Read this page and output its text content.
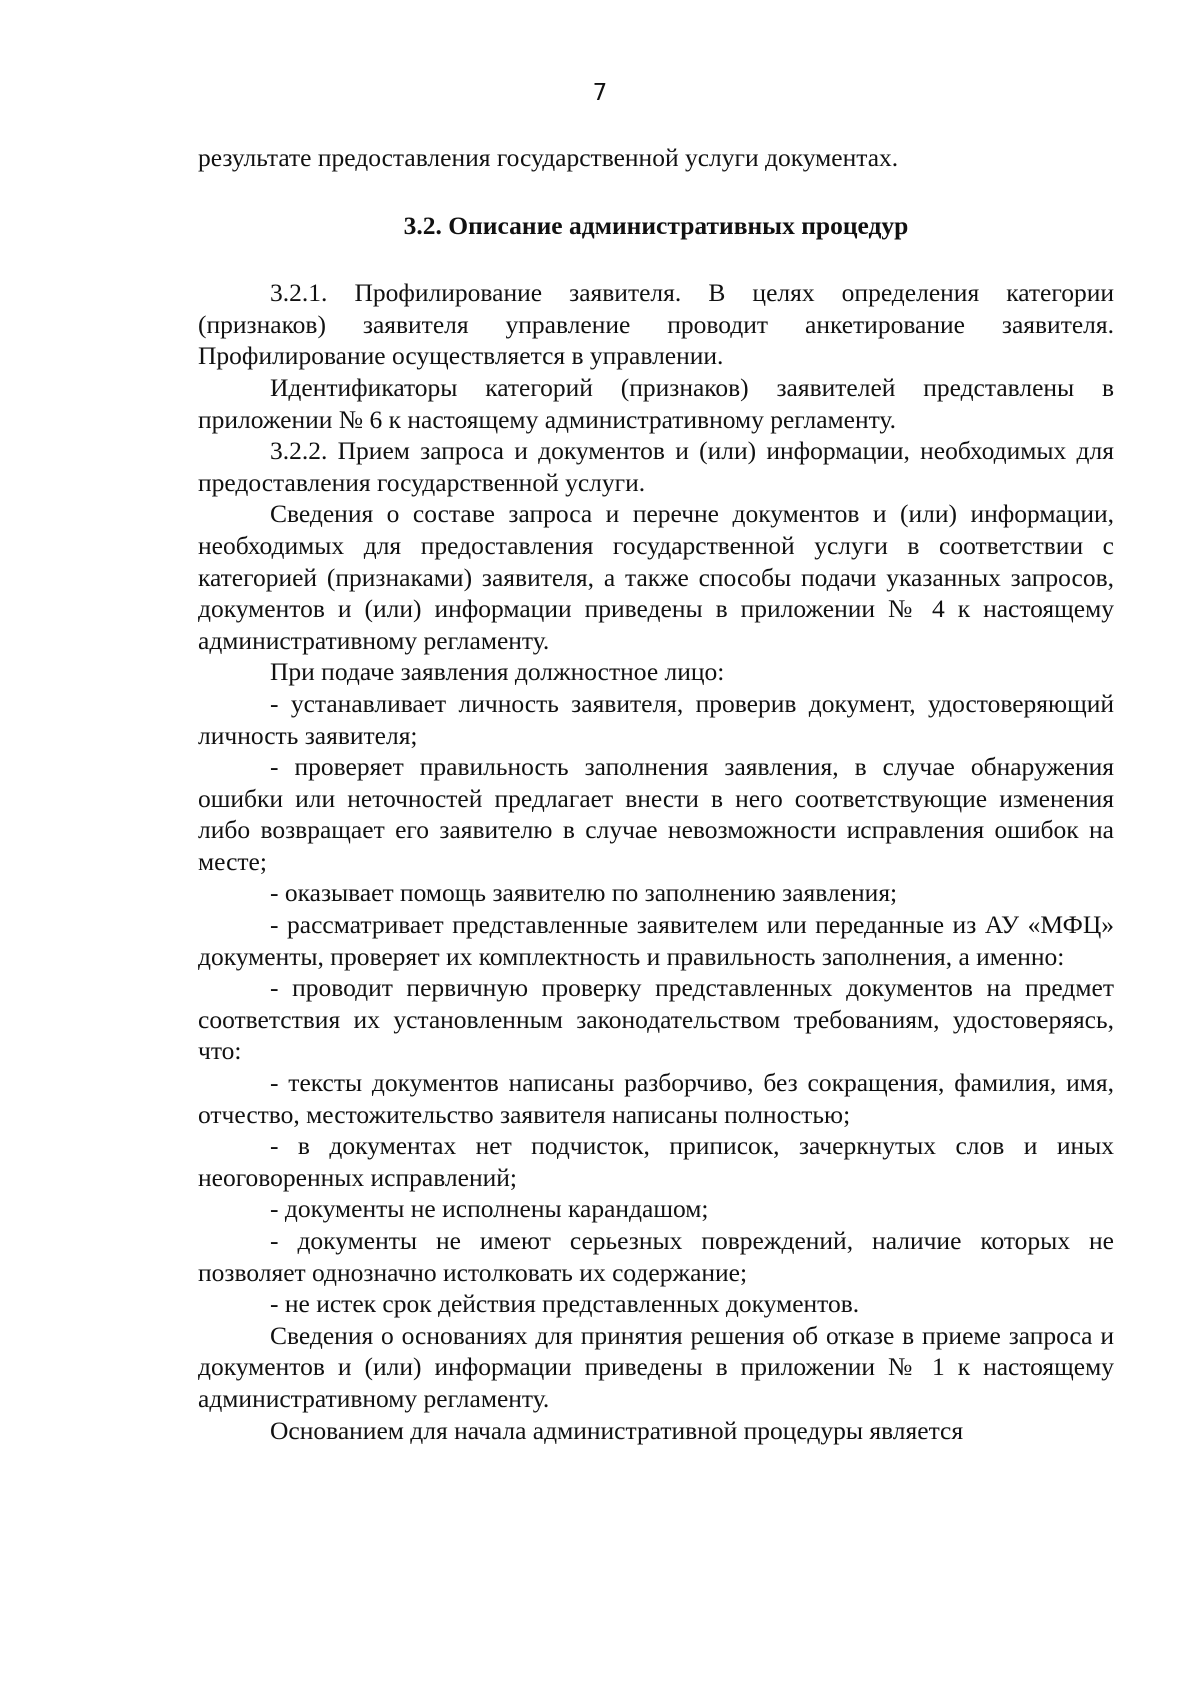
7

результате предоставления государственной услуги документах.

3.2. Описание административных процедур

3.2.1. Профилирование заявителя. В целях определения категории (признаков) заявителя управление проводит анкетирование заявителя. Профилирование осуществляется в управлении.

Идентификаторы категорий (признаков) заявителей представлены в приложении № 6 к настоящему административному регламенту.

3.2.2. Прием запроса и документов и (или) информации, необходимых для предоставления государственной услуги.

Сведения о составе запроса и перечне документов и (или) информации, необходимых для предоставления государственной услуги в соответствии с категорией (признаками) заявителя, а также способы подачи указанных запросов, документов и (или) информации приведены в приложении № 4 к настоящему административному регламенту.

При подаче заявления должностное лицо:

- устанавливает личность заявителя, проверив документ, удостоверяющий личность заявителя;

- проверяет правильность заполнения заявления, в случае обнаружения ошибки или неточностей предлагает внести в него соответствующие изменения либо возвращает его заявителю в случае невозможности исправления ошибок на месте;

- оказывает помощь заявителю по заполнению заявления;

- рассматривает представленные заявителем или переданные из АУ «МФЦ» документы, проверяет их комплектность и правильность заполнения, а именно:

- проводит первичную проверку представленных документов на предмет соответствия их установленным законодательством требованиям, удостоверяясь, что:

- тексты документов написаны разборчиво, без сокращения, фамилия, имя, отчество, местожительство заявителя написаны полностью;

- в документах нет подчисток, приписок, зачеркнутых слов и иных неоговоренных исправлений;

- документы не исполнены карандашом;

- документы не имеют серьезных повреждений, наличие которых не позволяет однозначно истолковать их содержание;

- не истек срок действия представленных документов.

Сведения о основаниях для принятия решения об отказе в приеме запроса и документов и (или) информации приведены в приложении № 1 к настоящему административному регламенту.

Основанием для начала административной процедуры является
